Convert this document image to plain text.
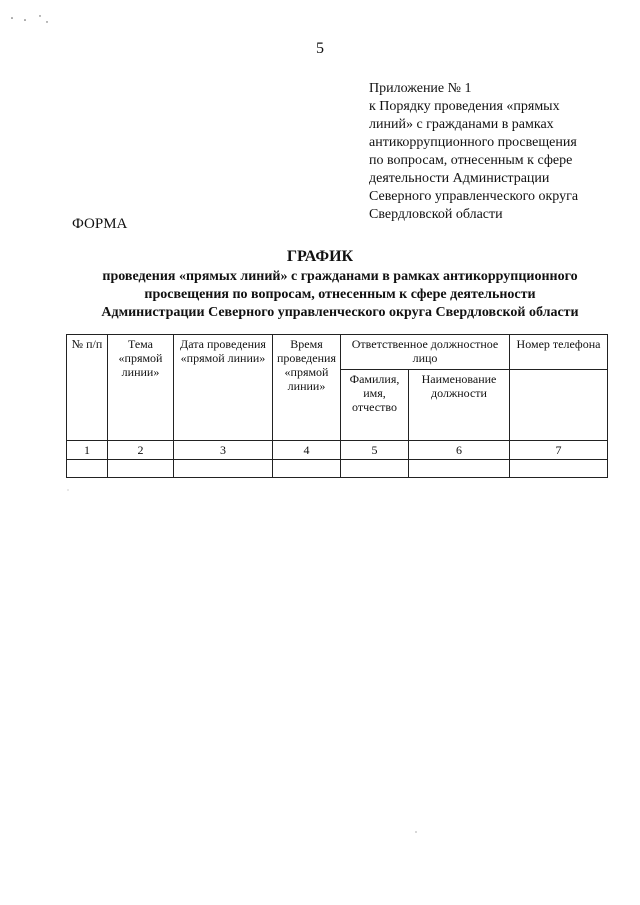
5
Приложение № 1
к Порядку проведения «прямых
линий» с гражданами в рамках
антикоррупционного просвещения
по вопросам, отнесенным к сфере
деятельности Администрации
Северного управленческого округа
Свердловской области
ФОРМА
ГРАФИК
проведения «прямых линий» с гражданами в рамках антикоррупционного
просвещения по вопросам, отнесенным к сфере деятельности
Администрации Северного управленческого округа Свердловской области
№ п/п	Тема «прямой линии»	Дата проведения «прямой линии»	Время проведения «прямой линии»	Ответственное должностное лицо		Номер телефона
				Фамилия, имя, отчество	Наименование должности	
1	2	3	4	5	6	7
